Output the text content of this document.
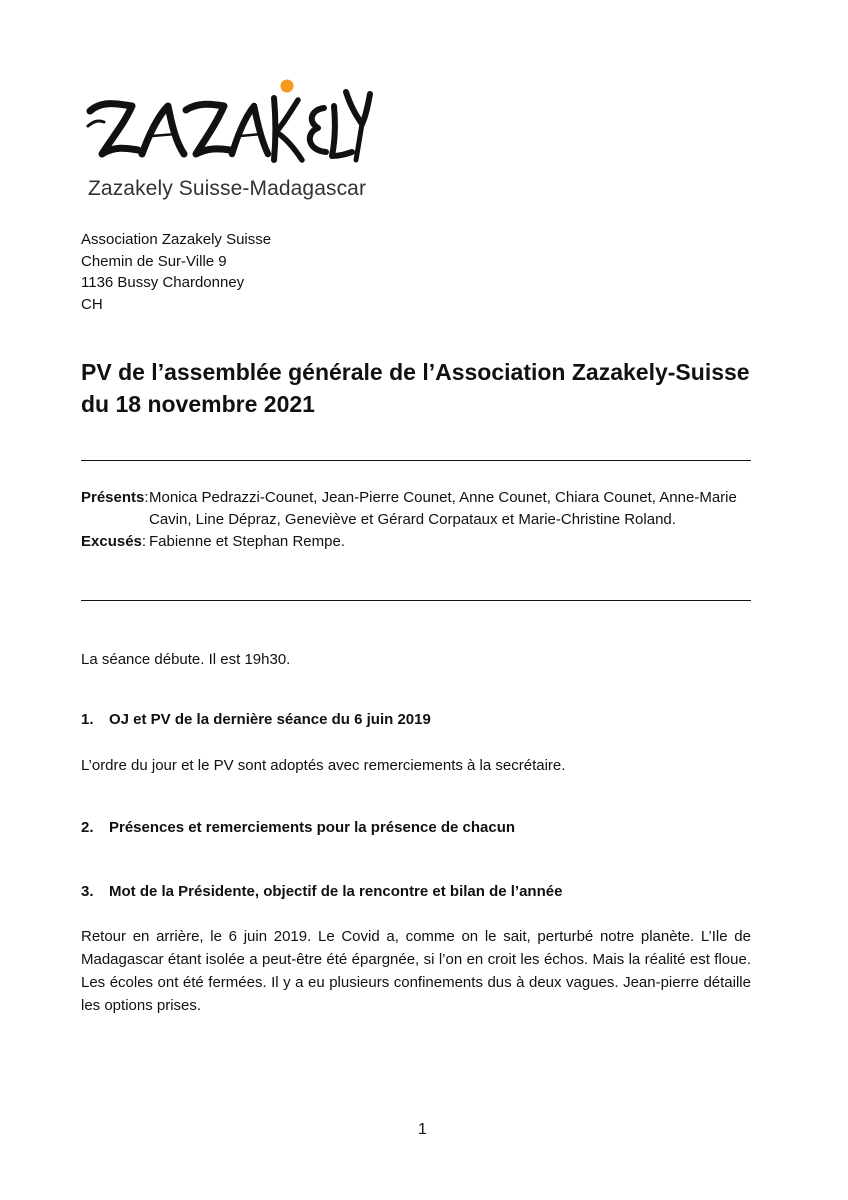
Zazakely Suisse-Madagascar
Association Zazakely Suisse
Chemin de Sur-Ville 9
1136 Bussy Chardonney
CH
PV de l’assemblée générale de l’Association Zazakely-Suisse
du 18 novembre 2021
Présents: Monica Pedrazzi-Counet, Jean-Pierre Counet, Anne Counet, Chiara Counet, Anne-Marie Cavin, Line Dépraz, Geneviève et Gérard Corpataux et Marie-Christine Roland.
Excusés: Fabienne et Stephan Rempe.
La séance débute. Il est 19h30.
1. OJ et PV de la dernière séance du 6 juin 2019
L’ordre du jour et le PV sont adoptés avec remerciements à la secrétaire.
2. Présences et remerciements pour la présence de chacun
3. Mot de la Présidente, objectif de la rencontre et bilan de l’année
Retour en arrière, le 6 juin 2019. Le Covid a, comme on le sait, perturbé notre planète. L’Ile de Madagascar étant isolée a peut-être été épargnée, si l’on en croit les échos. Mais la réalité est floue. Les écoles ont été fermées. Il y a eu plusieurs confinements dus à deux vagues. Jean-pierre détaille les options prises.
1
